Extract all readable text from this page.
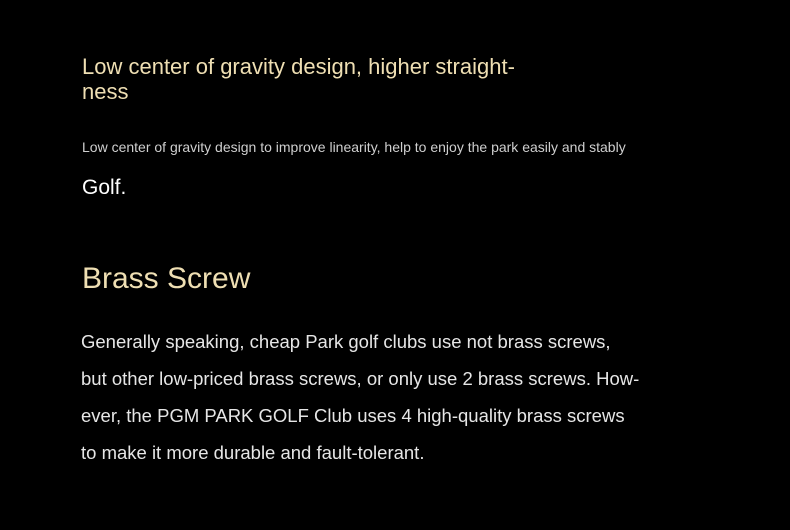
Low center of gravity design, higher straight-
ness

Low center of gravity design to improve linearity, help to enjoy the park easily and stably

Golf.

Brass Screw

Generally speaking, cheap Park golf clubs use not brass screws,
but other low-priced brass screws, or only use 2 brass screws. How-
ever, the PGM PARK GOLF Club uses 4 high-quality brass screws
to make it more durable and fault-tolerant.
